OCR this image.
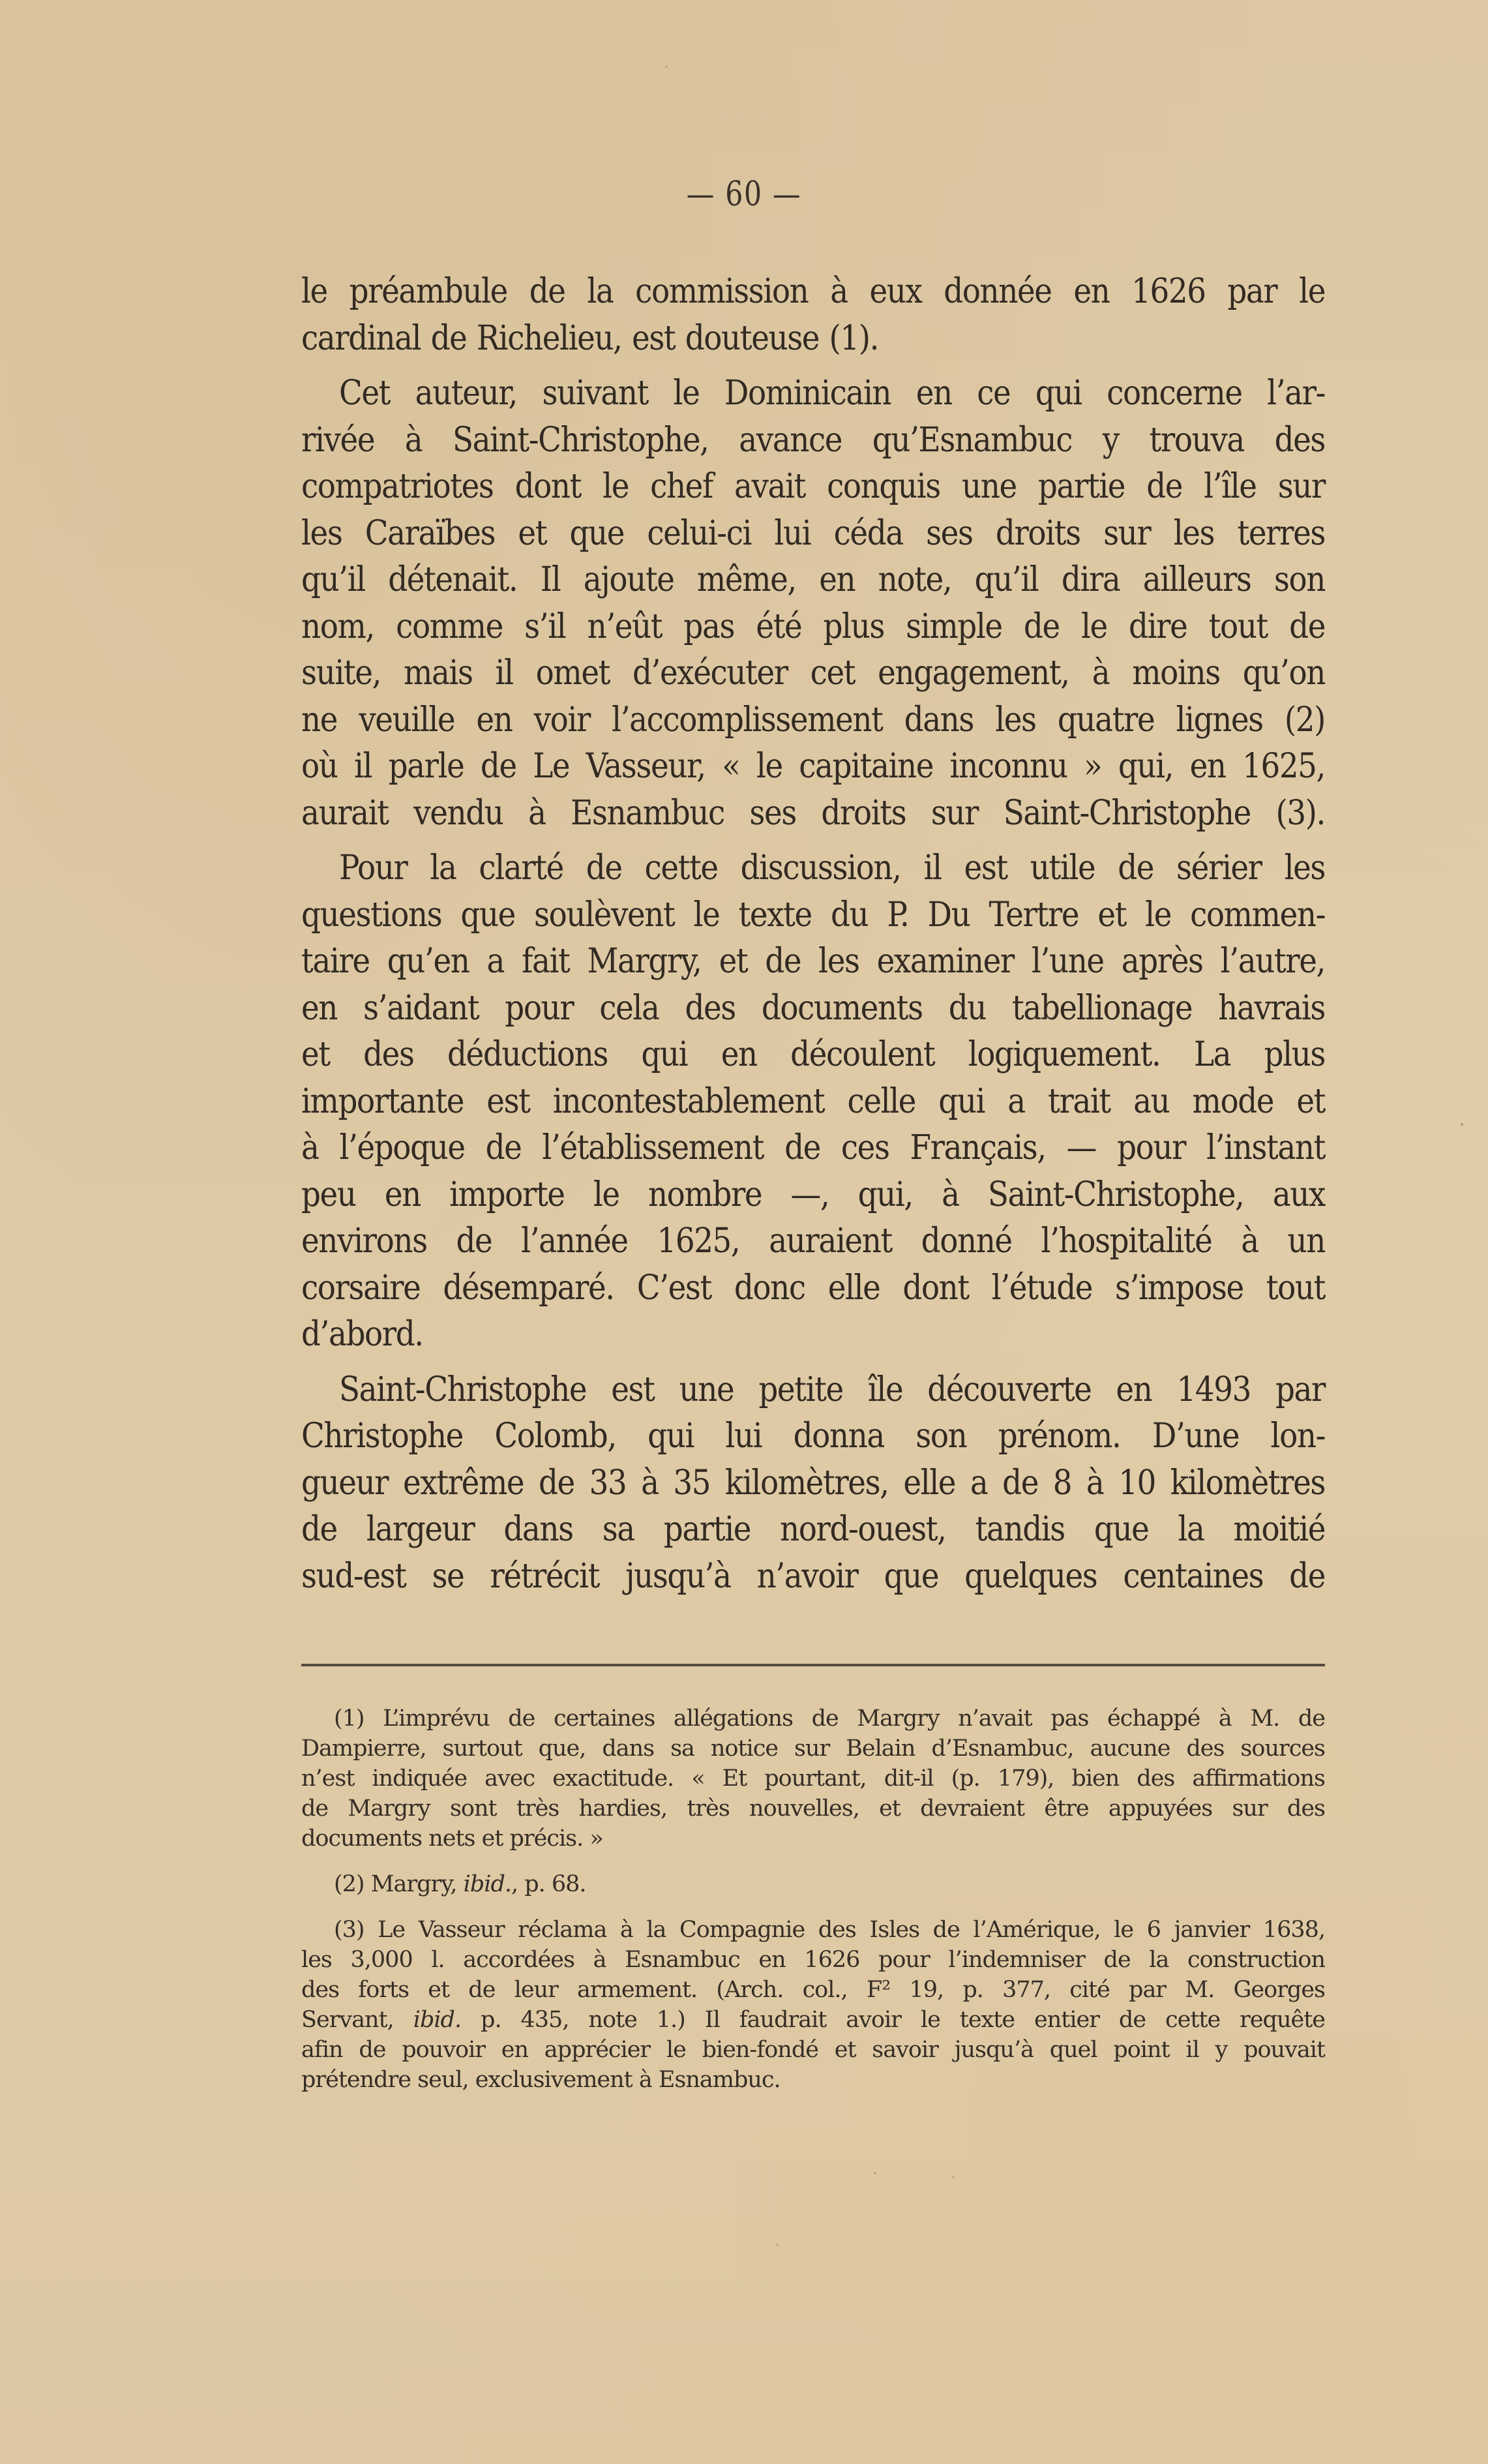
— 60 —

le préambule de la commission à eux donnée en 1626 par le
cardinal de Richelieu, est douteuse (1).

Cet auteur, suivant le Dominicain en ce qui concerne l’ar-
rivée à Saint-Christophe, avance qu’Esnambuc y trouva des
compatriotes dont le chef avait conquis une partie de l’île sur
les Caraïbes et que celui-ci lui céda ses droits sur les terres
qu’il détenait. Il ajoute même, en note, qu’il dira ailleurs son
nom, comme s’il n’eût pas été plus simple de le dire tout de
suite, mais il omet d’exécuter cet engagement, à moins qu’on
ne veuille en voir l’accomplissement dans les quatre lignes (2)
où il parle de Le Vasseur, « le capitaine inconnu » qui, en 1625,
aurait vendu à Esnambuc ses droits sur Saint-Christophe (3).

Pour la clarté de cette discussion, il est utile de sérier les
questions que soulèvent le texte du P. Du Tertre et le commen-
taire qu’en a fait Margry, et de les examiner l’une après l’autre,
en s’aidant pour cela des documents du tabellionage havrais
et des déductions qui en découlent logiquement. La plus
importante est incontestablement celle qui a trait au mode et
à l’époque de l’établissement de ces Français, — pour l’instant
peu en importe le nombre —, qui, à Saint-Christophe, aux
environs de l’année 1625, auraient donné l’hospitalité à un
corsaire désemparé. C’est donc elle dont l’étude s’impose tout
d’abord.

Saint-Christophe est une petite île découverte en 1493 par
Christophe Colomb, qui lui donna son prénom. D’une lon-
gueur extrême de 33 à 35 kilomètres, elle a de 8 à 10 kilomètres
de largeur dans sa partie nord-ouest, tandis que la moitié
sud-est se rétrécit jusqu’à n’avoir que quelques centaines de

(1) L’imprévu de certaines allégations de Margry n’avait pas échappé à M. de
Dampierre, surtout que, dans sa notice sur Belain d’Esnambuc, aucune des sources
n’est indiquée avec exactitude. « Et pourtant, dit-il (p. 179), bien des affirmations
de Margry sont très hardies, très nouvelles, et devraient être appuyées sur des
documents nets et précis. »
(2) Margry, ibid., p. 68.
(3) Le Vasseur réclama à la Compagnie des Isles de l’Amérique, le 6 janvier 1638,
les 3,000 l. accordées à Esnambuc en 1626 pour l’indemniser de la construction
des forts et de leur armement. (Arch. col., F² 19, p. 377, cité par M. Georges
Servant, ibid. p. 435, note 1.) Il faudrait avoir le texte entier de cette requête
afin de pouvoir en apprécier le bien-fondé et savoir jusqu’à quel point il y pouvait
prétendre seul, exclusivement à Esnambuc.
